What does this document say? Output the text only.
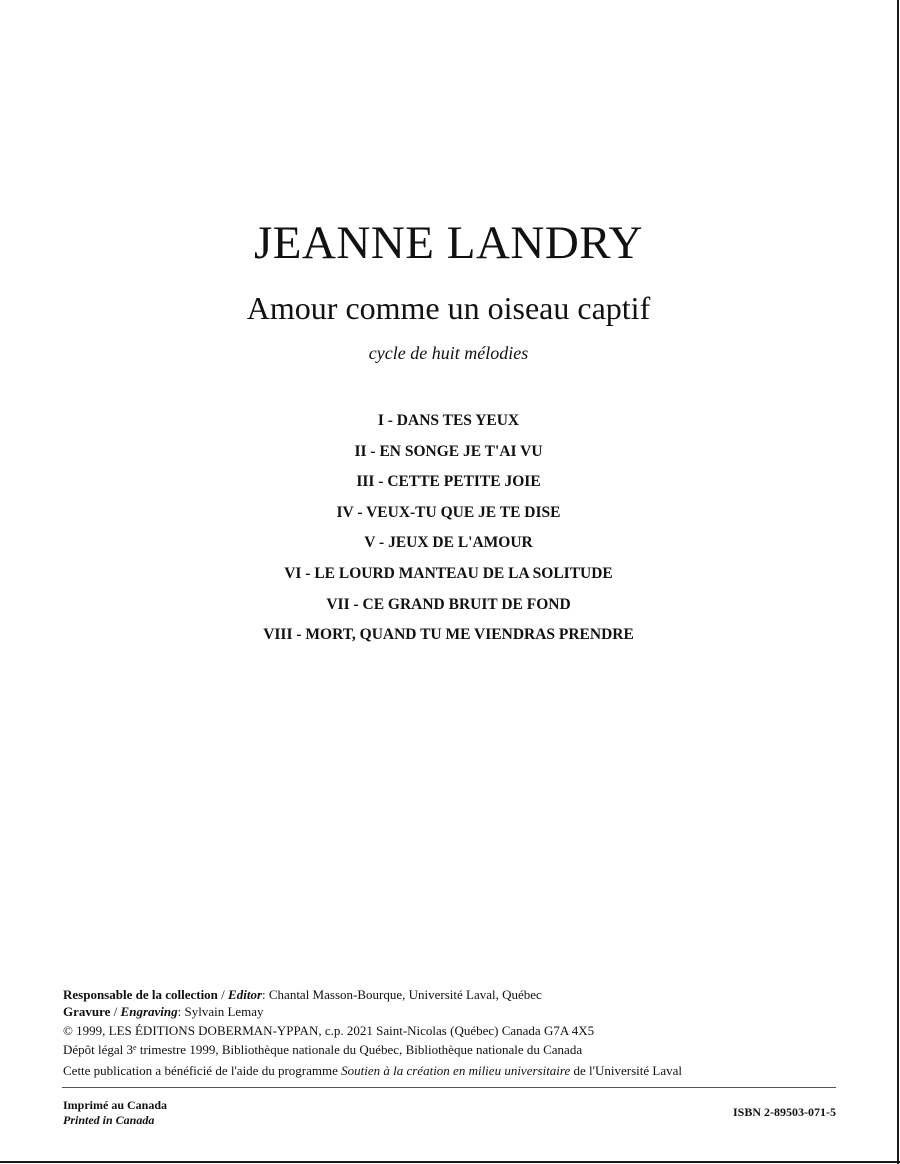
JEANNE LANDRY
Amour comme un oiseau captif
cycle de huit mélodies
I - DANS TES YEUX
II - EN SONGE JE T'AI VU
III - CETTE PETITE JOIE
IV - VEUX-TU QUE JE TE DISE
V - JEUX DE L'AMOUR
VI - LE LOURD MANTEAU DE LA SOLITUDE
VII - CE GRAND BRUIT DE FOND
VIII - MORT, QUAND TU ME VIENDRAS PRENDRE
Responsable de la collection / Editor: Chantal Masson-Bourque, Université Laval, Québec
Gravure / Engraving: Sylvain Lemay
© 1999, LES ÉDITIONS DOBERMAN-YPPAN, c.p. 2021 Saint-Nicolas (Québec) Canada G7A 4X5
Dépôt légal 3e trimestre 1999, Bibliothèque nationale du Québec, Bibliothèque nationale du Canada
Cette publication a bénéficié de l'aide du programme Soutien à la création en milieu universitaire de l'Université Laval
Imprimé au Canada
Printed in Canada
ISBN 2-89503-071-5
